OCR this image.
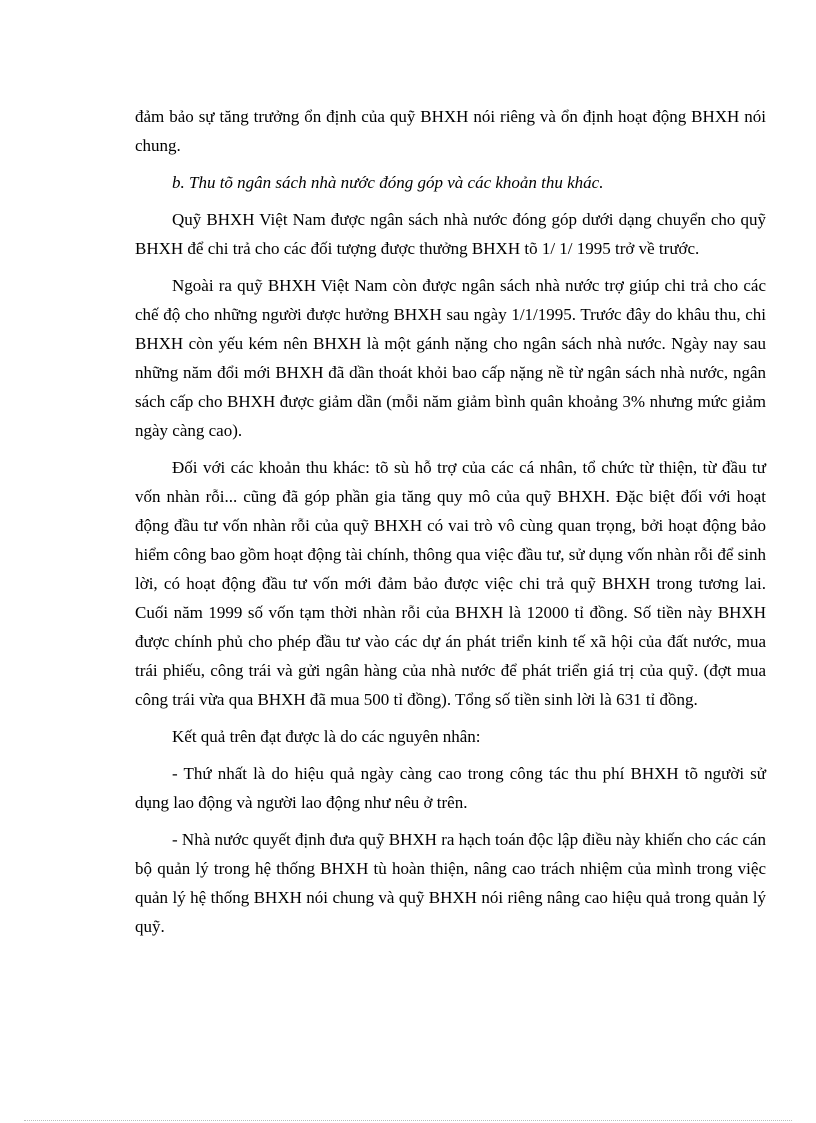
đảm bảo sự tăng trưởng ổn định của quỹ BHXH nói riêng và ổn định hoạt động BHXH nói chung.

b. Thu tõ ngân sách nhà nước đóng góp và các khoản thu khác.

Quỹ BHXH Việt Nam được ngân sách nhà nước đóng góp dưới dạng chuyển cho quỹ BHXH để chi trả cho các đối tượng được thưởng BHXH tõ 1/ 1/ 1995 trở về trước.

Ngoài ra quỹ BHXH Việt Nam còn được ngân sách nhà nước trợ giúp chi trả cho các chế độ cho những người được hưởng BHXH sau ngày 1/1/1995. Trước đây do khâu thu, chi BHXH còn yếu kém nên BHXH là một gánh nặng cho ngân sách nhà nước. Ngày nay sau những năm đổi mới BHXH đã dần thoát khỏi bao cấp nặng nề từ ngân sách nhà nước, ngân sách cấp cho BHXH được giảm dần (mỗi năm giảm bình quân khoảng 3% nhưng mức giảm ngày càng cao).

Đối với các khoản thu khác: tõ sù hỗ trợ của các cá nhân, tổ chức từ thiện, từ đầu tư vốn nhàn rỗi... cũng đã góp phần gia tăng quy mô của quỹ BHXH. Đặc biệt đối với hoạt động đầu tư vốn nhàn rỗi của quỹ BHXH có vai trò vô cùng quan trọng, bởi hoạt động bảo hiểm công bao gồm hoạt động tài chính, thông qua việc đầu tư, sử dụng vốn nhàn rỗi để sinh lời, có hoạt động đầu tư vốn mới đảm bảo được việc chi trả quỹ BHXH trong tương lai. Cuối năm 1999 số vốn tạm thời nhàn rỗi của BHXH là 12000 tỉ đồng. Số tiền này BHXH được chính phủ cho phép đầu tư vào các dự án phát triển kinh tế xã hội của đất nước, mua trái phiếu, công trái và gửi ngân hàng của nhà nước để phát triển giá trị của quỹ. (đợt mua công trái vừa qua BHXH đã mua 500 tỉ đồng). Tổng số tiền sinh lời là 631 tỉ đồng.

Kết quả trên đạt được là do các nguyên nhân:

- Thứ nhất là do hiệu quả ngày càng cao trong công tác thu phí BHXH tõ người sử dụng lao động và người lao động như nêu ở trên.

- Nhà nước quyết định đưa quỹ BHXH ra hạch toán độc lập điều này khiến cho các cán bộ quản lý trong hệ thống BHXH tù hoàn thiện, nâng cao trách nhiệm của mình trong việc quản lý hệ thống BHXH nói chung và quỹ BHXH nói riêng nâng cao hiệu quả trong quản lý quỹ.
